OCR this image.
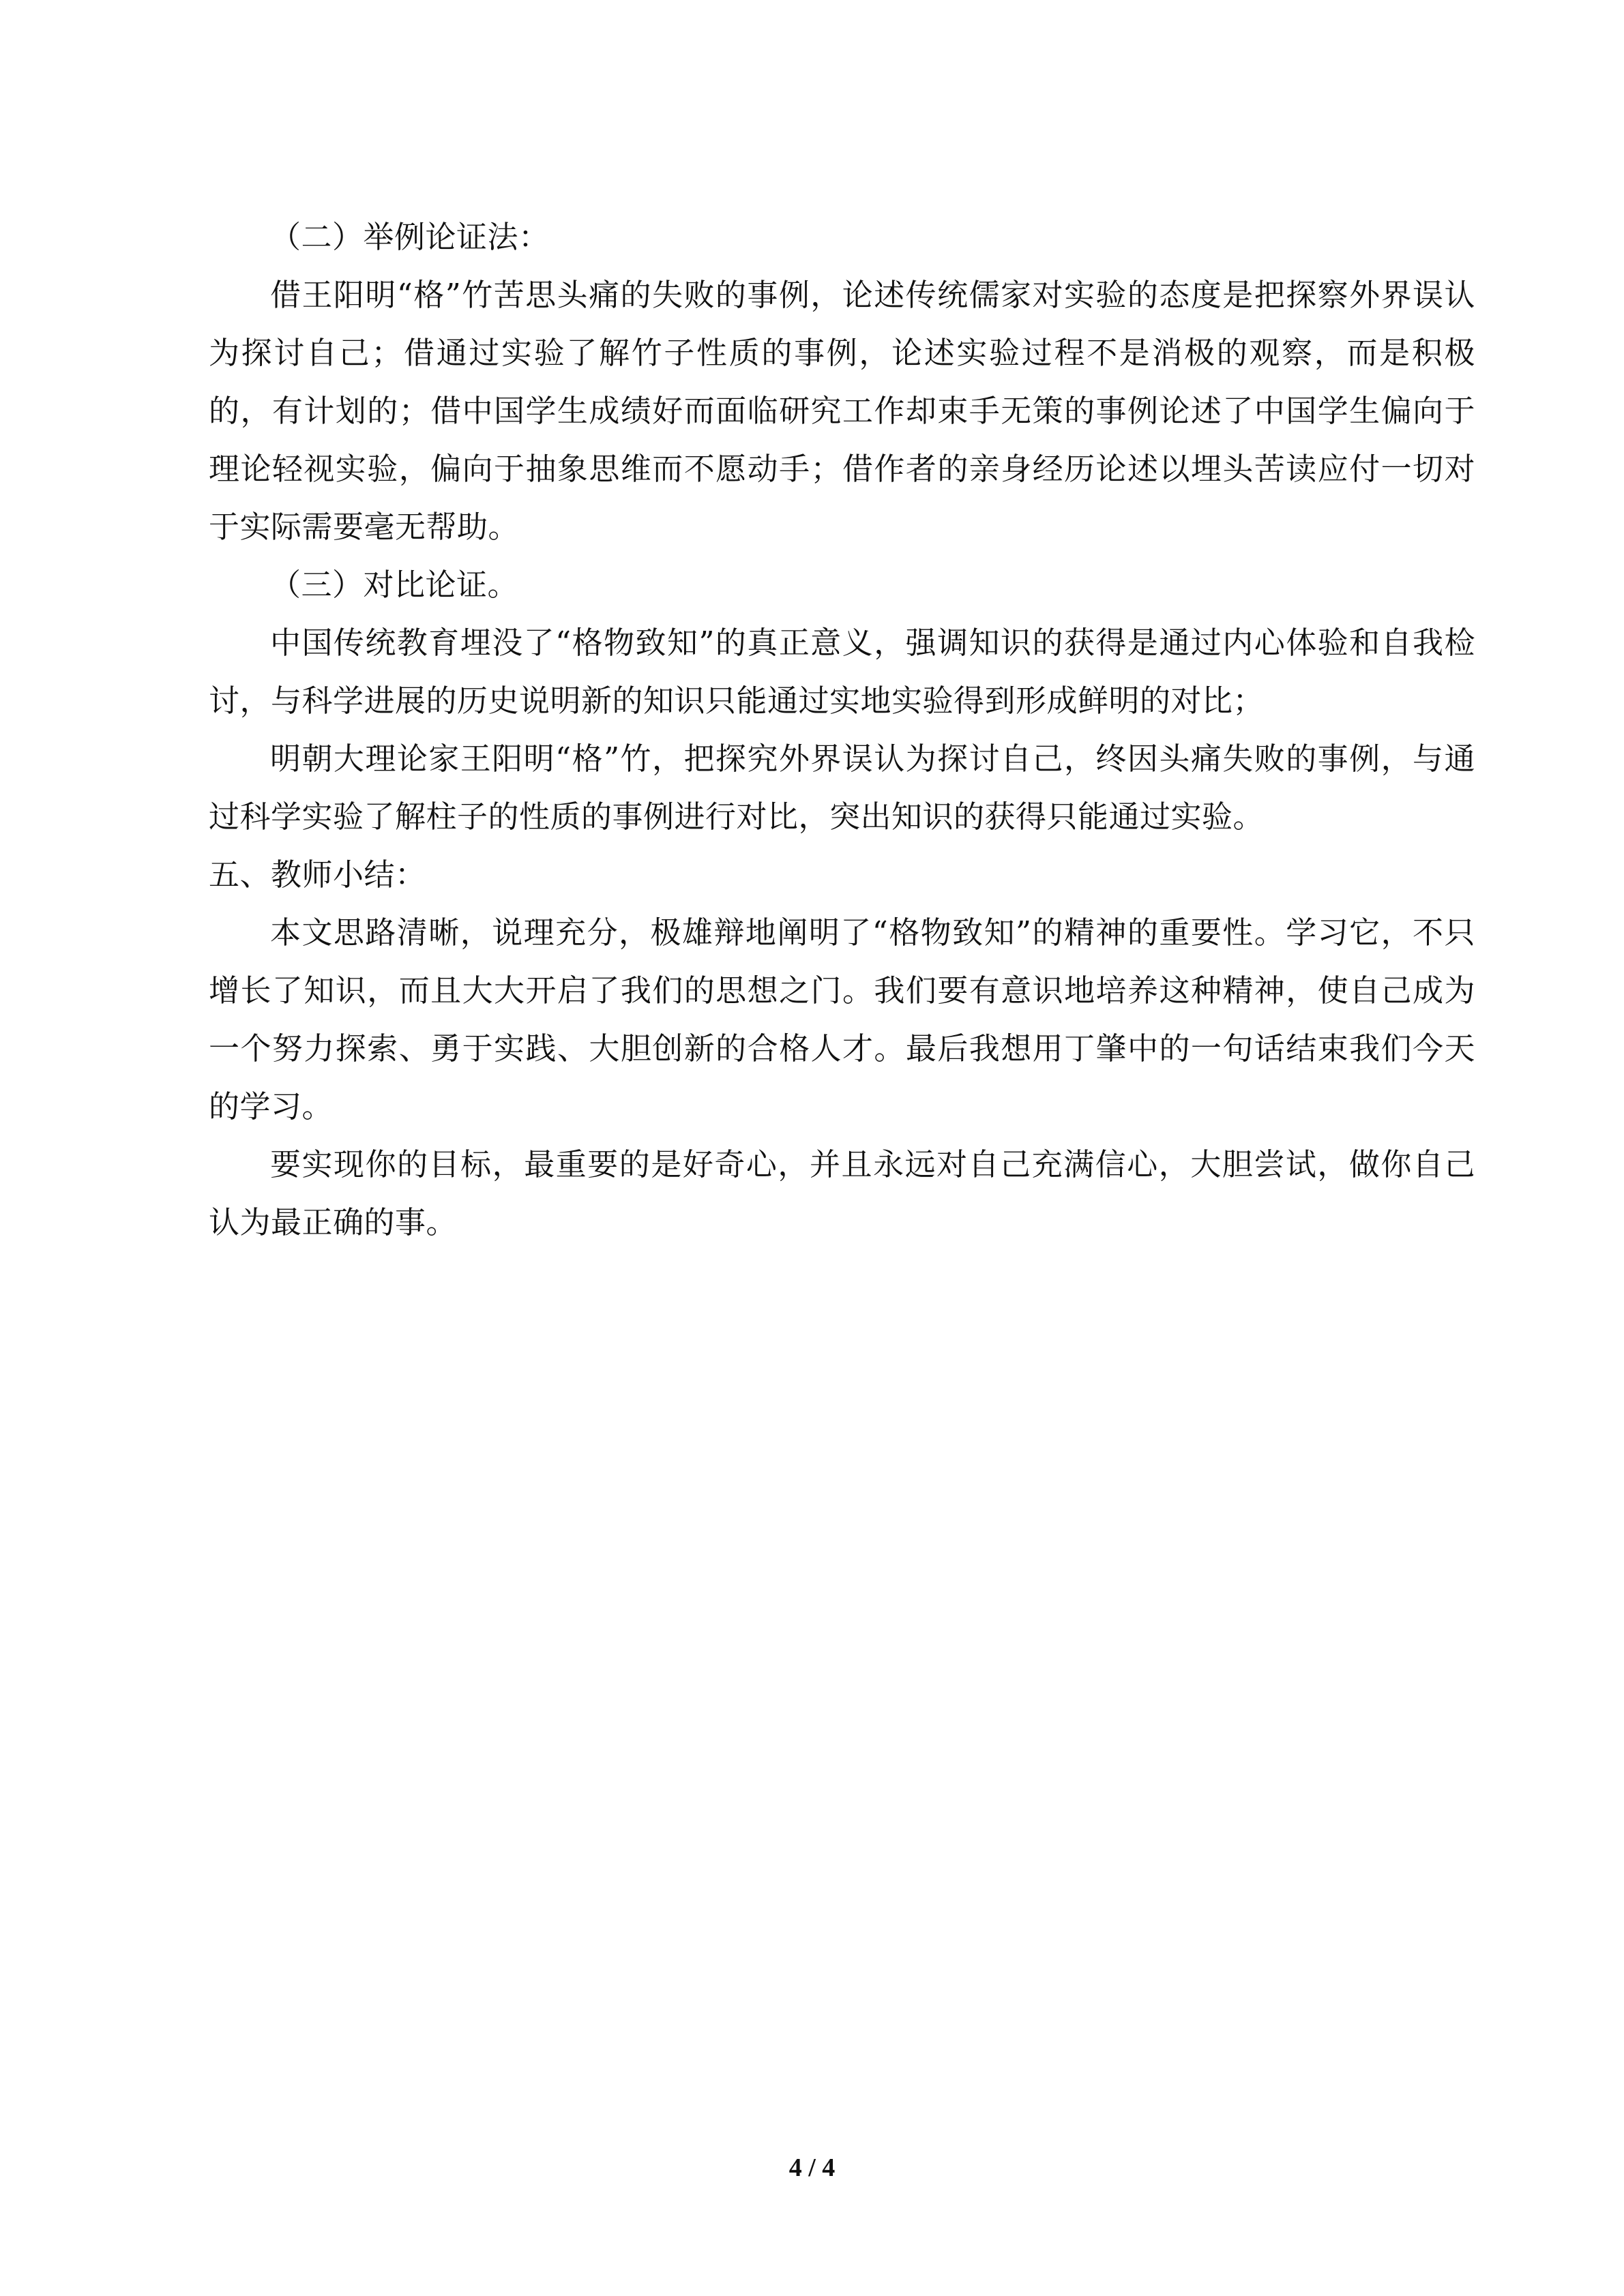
（二）举例论证法：

借王阳明“格”竹苦思头痛的失败的事例，论述传统儒家对实验的态度是把探察外界误认为探讨自己；借通过实验了解竹子性质的事例，论述实验过程不是消极的观察，而是积极的，有计划的；借中国学生成绩好而面临研究工作却束手无策的事例论述了中国学生偏向于理论轻视实验，偏向于抽象思维而不愿动手；借作者的亲身经历论述以埋头苦读应付一切对于实际需要毫无帮助。

（三）对比论证。

中国传统教育埋没了“格物致知”的真正意义，强调知识的获得是通过内心体验和自我检讨，与科学进展的历史说明新的知识只能通过实地实验得到形成鲜明的对比；

明朝大理论家王阳明“格”竹，把探究外界误认为探讨自己，终因头痛失败的事例，与通过科学实验了解柱子的性质的事例进行对比，突出知识的获得只能通过实验。

五、教师小结：

本文思路清晰，说理充分，极雄辩地阐明了“格物致知”的精神的重要性。学习它，不只增长了知识，而且大大开启了我们的思想之门。我们要有意识地培养这种精神，使自己成为一个努力探索、勇于实践、大胆创新的合格人才。最后我想用丁肇中的一句话结束我们今天的学习。

要实现你的目标，最重要的是好奇心，并且永远对自己充满信心，大胆尝试，做你自己认为最正确的事。

4 / 4
